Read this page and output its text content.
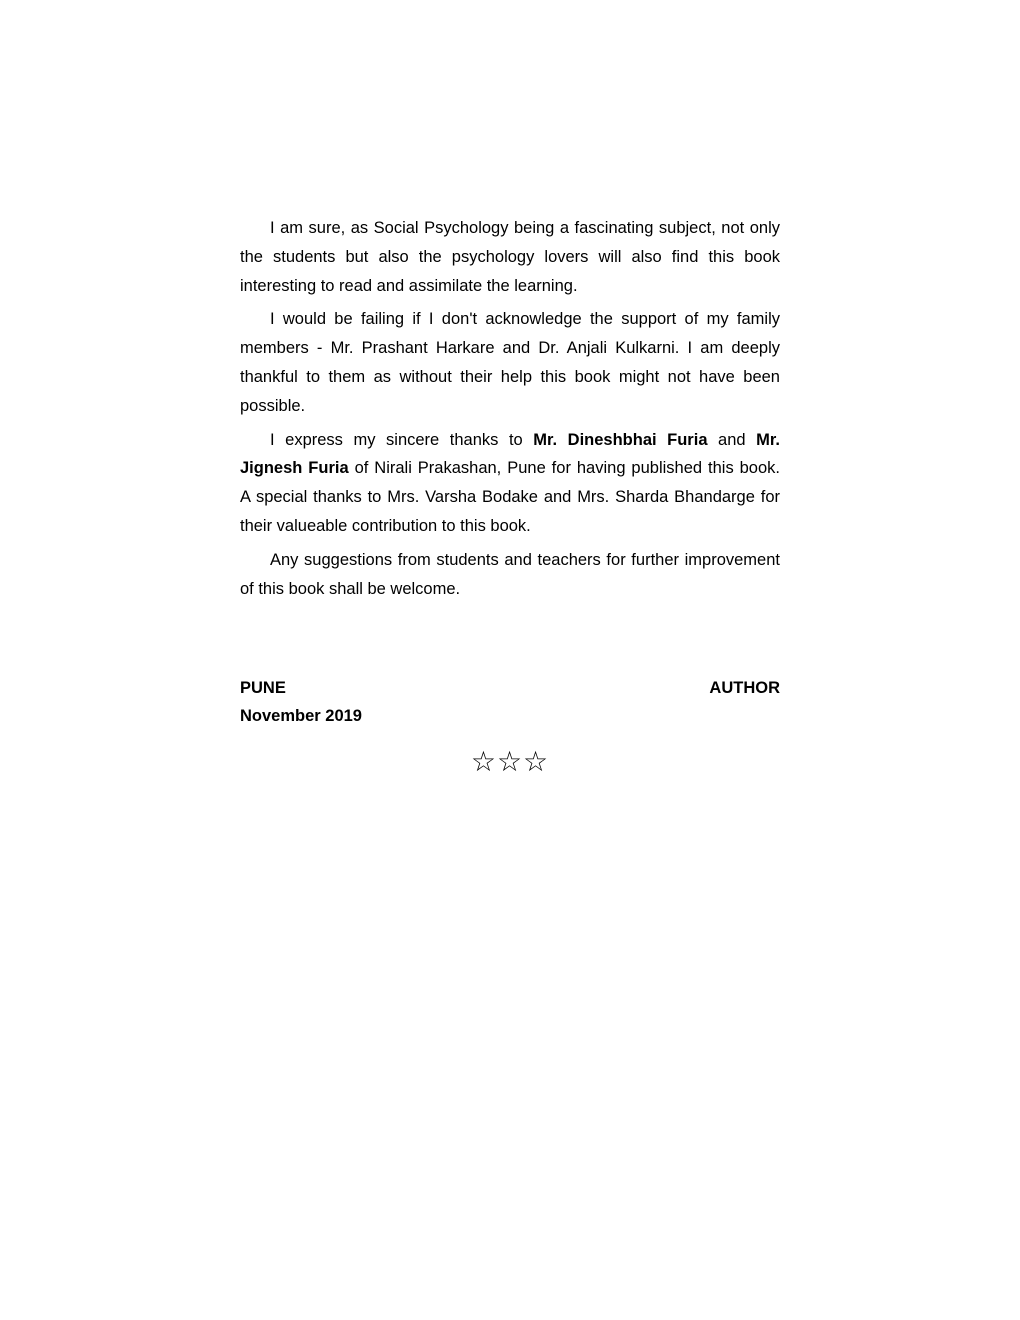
I am sure, as Social Psychology being a fascinating subject, not only the students but also the psychology lovers will also find this book interesting to read and assimilate the learning.

I would be failing if I don't acknowledge the support of my family members - Mr. Prashant Harkare and Dr. Anjali Kulkarni. I am deeply thankful to them as without their help this book might not have been possible.

I express my sincere thanks to Mr. Dineshbhai Furia and Mr. Jignesh Furia of Nirali Prakashan, Pune for having published this book. A special thanks to Mrs. Varsha Bodake and Mrs. Sharda Bhandarge for their valueable contribution to this book.

Any suggestions from students and teachers for further improvement of this book shall be welcome.

PUNE
November 2019
AUTHOR
☆☆☆
